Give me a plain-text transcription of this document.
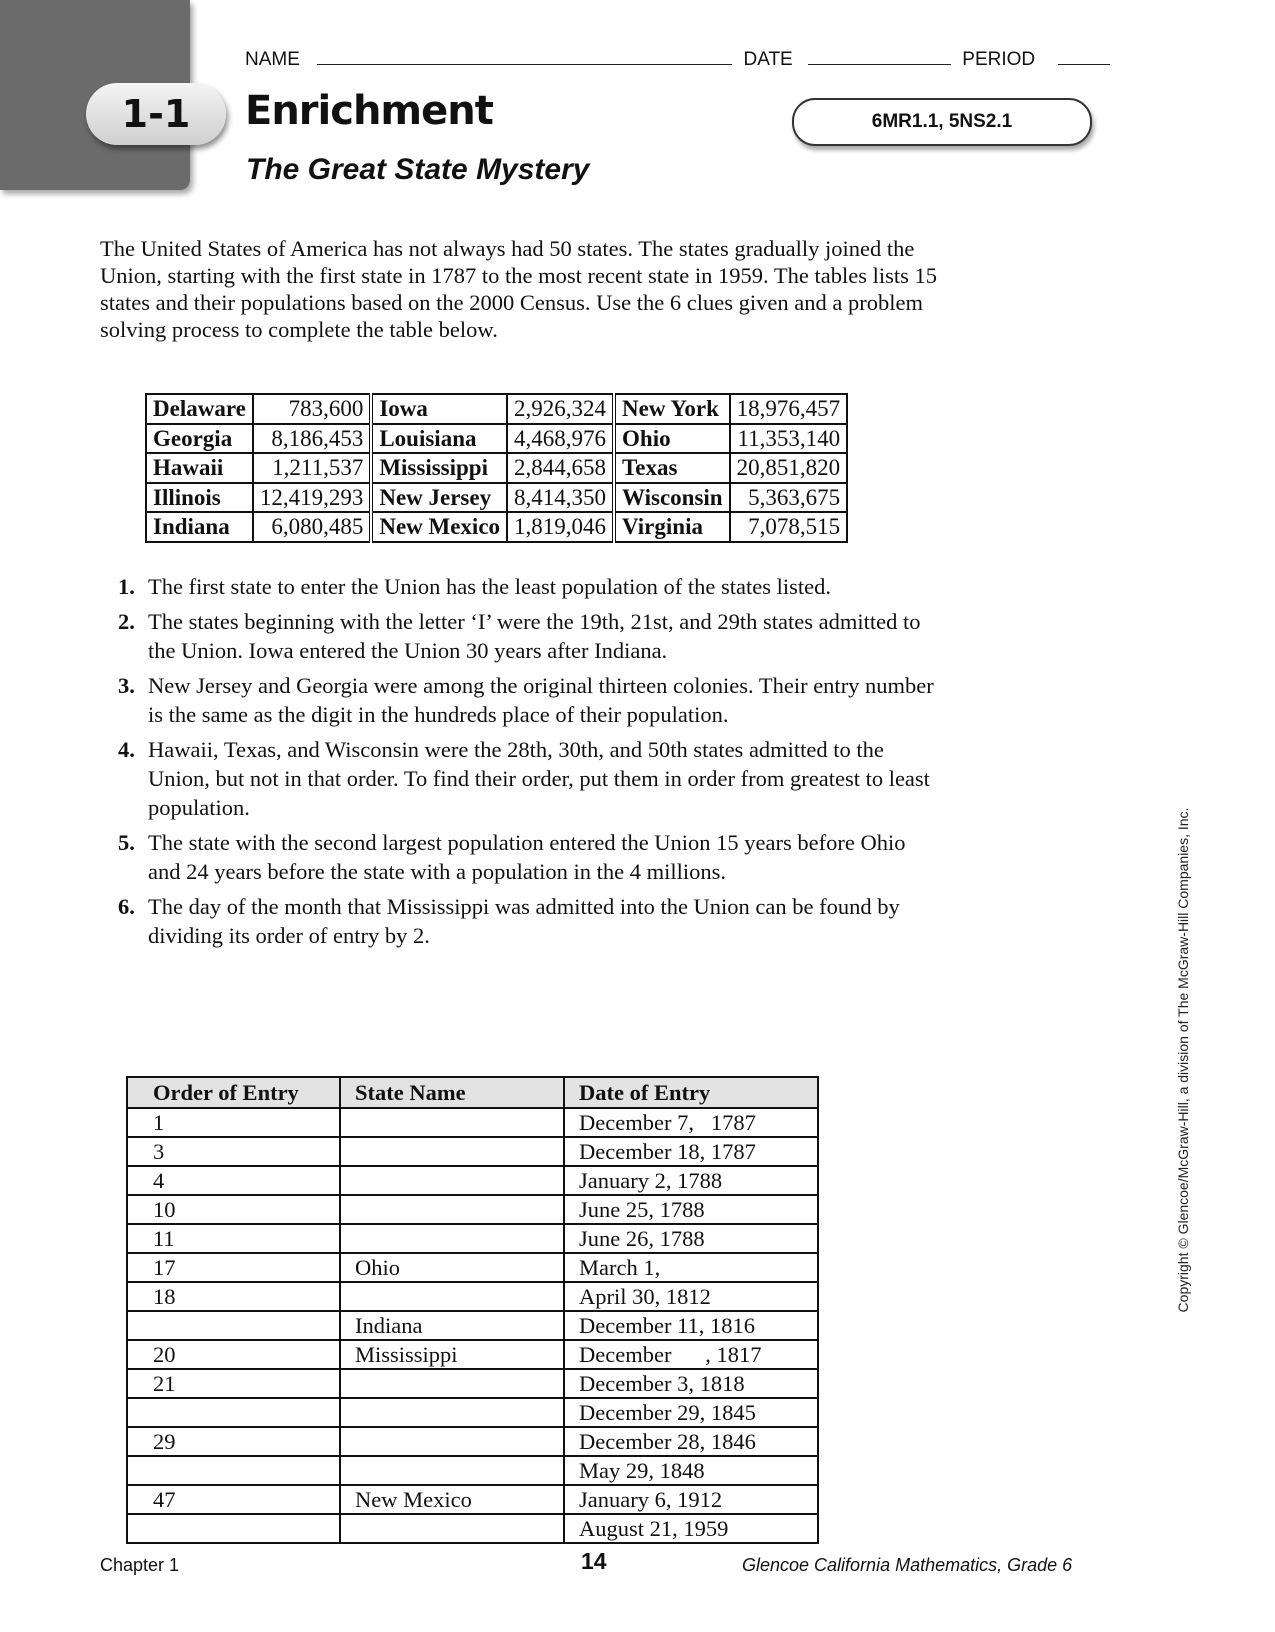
1-1
NAME	DATE	PERIOD
Enrichment
The Great State Mystery
6MR1.1, 5NS2.1
The United States of America has not always had 50 states. The states gradually joined the Union, starting with the first state in 1787 to the most recent state in 1959. The tables lists 15 states and their populations based on the 2000 Census. Use the 6 clues given and a problem solving process to complete the table below.
Delaware	783,600	Iowa	2,926,324	New York	18,976,457
Georgia	8,186,453	Louisiana	4,468,976	Ohio	11,353,140
Hawaii	1,211,537	Mississippi	2,844,658	Texas	20,851,820
Illinois	12,419,293	New Jersey	8,414,350	Wisconsin	5,363,675
Indiana	6,080,485	New Mexico	1,819,046	Virginia	7,078,515
1. The first state to enter the Union has the least population of the states listed.
2. The states beginning with the letter ‘I’ were the 19th, 21st, and 29th states admitted to the Union. Iowa entered the Union 30 years after Indiana.
3. New Jersey and Georgia were among the original thirteen colonies. Their entry number is the same as the digit in the hundreds place of their population.
4. Hawaii, Texas, and Wisconsin were the 28th, 30th, and 50th states admitted to the Union, but not in that order. To find their order, put them in order from greatest to least population.
5. The state with the second largest population entered the Union 15 years before Ohio and 24 years before the state with a population in the 4 millions.
6. The day of the month that Mississippi was admitted into the Union can be found by dividing its order of entry by 2.
Order of Entry	State Name	Date of Entry
1		December 7,   1787
3		December 18, 1787
4		January 2, 1788
10		June 25, 1788
11		June 26, 1788
17	Ohio	March 1,
18		April 30, 1812
	Indiana	December 11, 1816
20	Mississippi	December      , 1817
21		December 3, 1818
		December 29, 1845
29		December 28, 1846
		May 29, 1848
47	New Mexico	January 6, 1912
		August 21, 1959
Chapter 1	14	Glencoe California Mathematics, Grade 6
Copyright © Glencoe/McGraw-Hill, a division of The McGraw-Hill Companies, Inc.
